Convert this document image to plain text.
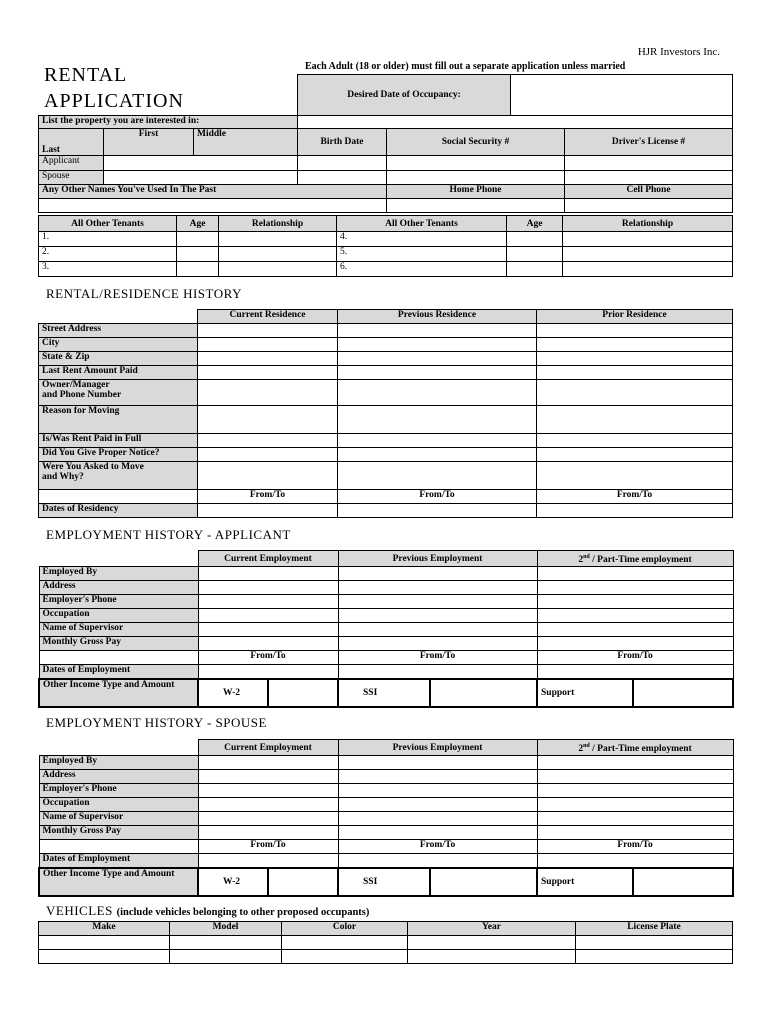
HJR Investors Inc.
RENTAL
APPLICATION
Each Adult (18 or older) must fill out a separate application unless married
Desired Date of Occupancy:	
List the property you are interested in:					
Last	First	Middle	Birth Date	Social Security #	Driver's License #
Applicant					
Spouse					
Any Other Names You've Used In The Past				Home Phone	Cell Phone

All Other Tenants	Age	Relationship	All Other Tenants	Age	Relationship
1.			4.		
2.			5.		
3.			6.		
RENTAL/RESIDENCE HISTORY
	Current Residence	Previous Residence	Prior Residence
Street Address			
City			
State & Zip			
Last Rent Amount Paid			
Owner/Manager
and Phone Number			
Reason for Moving			
Is/Was Rent Paid in Full			
Did You Give Proper Notice?			
Were You Asked to Move
and Why?			
	From/To	From/To	From/To
Dates of Residency			
EMPLOYMENT HISTORY - APPLICANT
	Current Employment		Previous Employment		2nd / Part-Time employment	
Employed By						
Address						
Employer's Phone						
Occupation						
Name of Supervisor						
Monthly Gross Pay						
	From/To		From/To		From/To	
Dates of Employment						
Other Income Type and Amount	W-2		SSI		Support	
EMPLOYMENT HISTORY - SPOUSE
	Current Employment		Previous Employment		2nd / Part-Time employment	
Employed By						
Address						
Employer's Phone						
Occupation						
Name of Supervisor						
Monthly Gross Pay						
	From/To		From/To		From/To	
Dates of Employment						
Other Income Type and Amount	W-2		SSI		Support	
VEHICLES (include vehicles belonging to other proposed occupants)
Make	Model	Color	Year	License Plate
